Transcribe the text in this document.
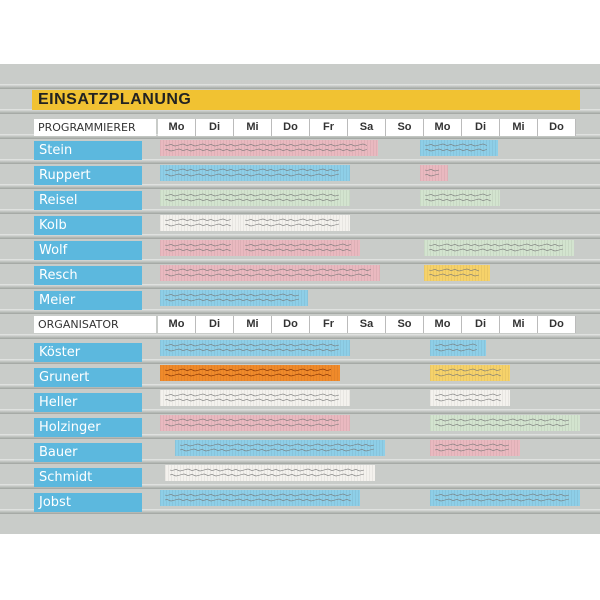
EINSATZPLANUNG
PROGRAMMIERER	Mo	Di	Mi	Do	Fr	Sa	So	Mo	Di	Mi	Do
Stein
Ruppert
Reisel
Kolb
Wolf
Resch
Meier
ORGANISATOR	Mo	Di	Mi	Do	Fr	Sa	So	Mo	Di	Mi	Do
Köster
Grunert
Heller
Holzinger
Bauer
Schmidt
Jobst
